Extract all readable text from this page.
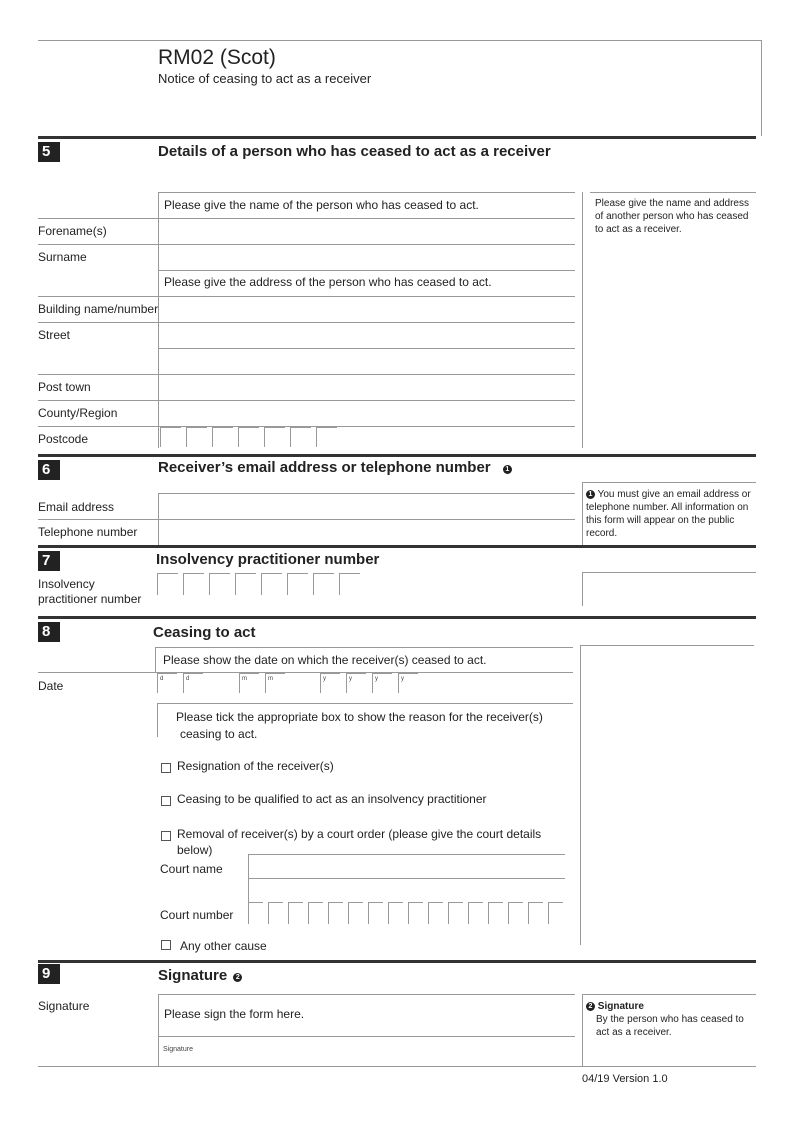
RM02 (Scot)
Notice of ceasing to act as a receiver
5	Details of a person who has ceased to act as a receiver
Please give the name of the person who has ceased to act.
Forename(s)
Surname
Please give the address of the person who has ceased to act.
Building name/number
Street
Post town
County/Region
Postcode
Please give the name and address of another person who has ceased to act as a receiver.
6	Receiver’s email address or telephone number 1
Email address
Telephone number
1 You must give an email address or telephone number. All information on this form will appear on the public record.
7	Insolvency practitioner number
Insolvency practitioner number
8	Ceasing to act
Please show the date on which the receiver(s) ceased to act.
Date	d	d	m	m	y	y	y	y
Please tick the appropriate box to show the reason for the receiver(s)
ceasing to act.
Resignation of the receiver(s)
Ceasing to be qualified to act as an insolvency practitioner
Removal of receiver(s) by a court order (please give the court details
below)
Court name
Court number
Any other cause
9	Signature 2
Signature
Please sign the form here.
Signature
2 Signature
By the person who has ceased to act as a receiver.
04/19 Version 1.0
